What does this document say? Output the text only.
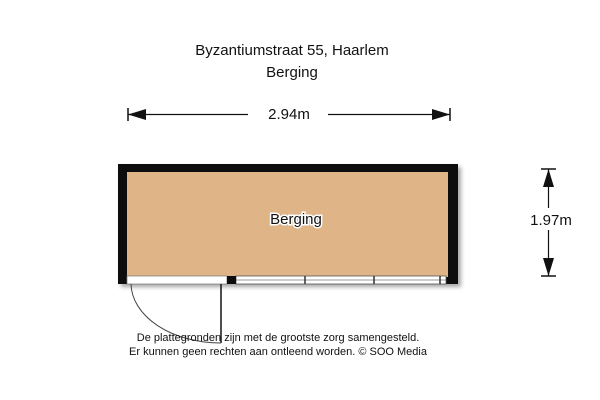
Byzantiumstraat 55, Haarlem
Berging
2.94m
1.97m
Berging
De plattegronden zijn met de grootste zorg samengesteld.
Er kunnen geen rechten aan ontleend worden. © SOO Media
